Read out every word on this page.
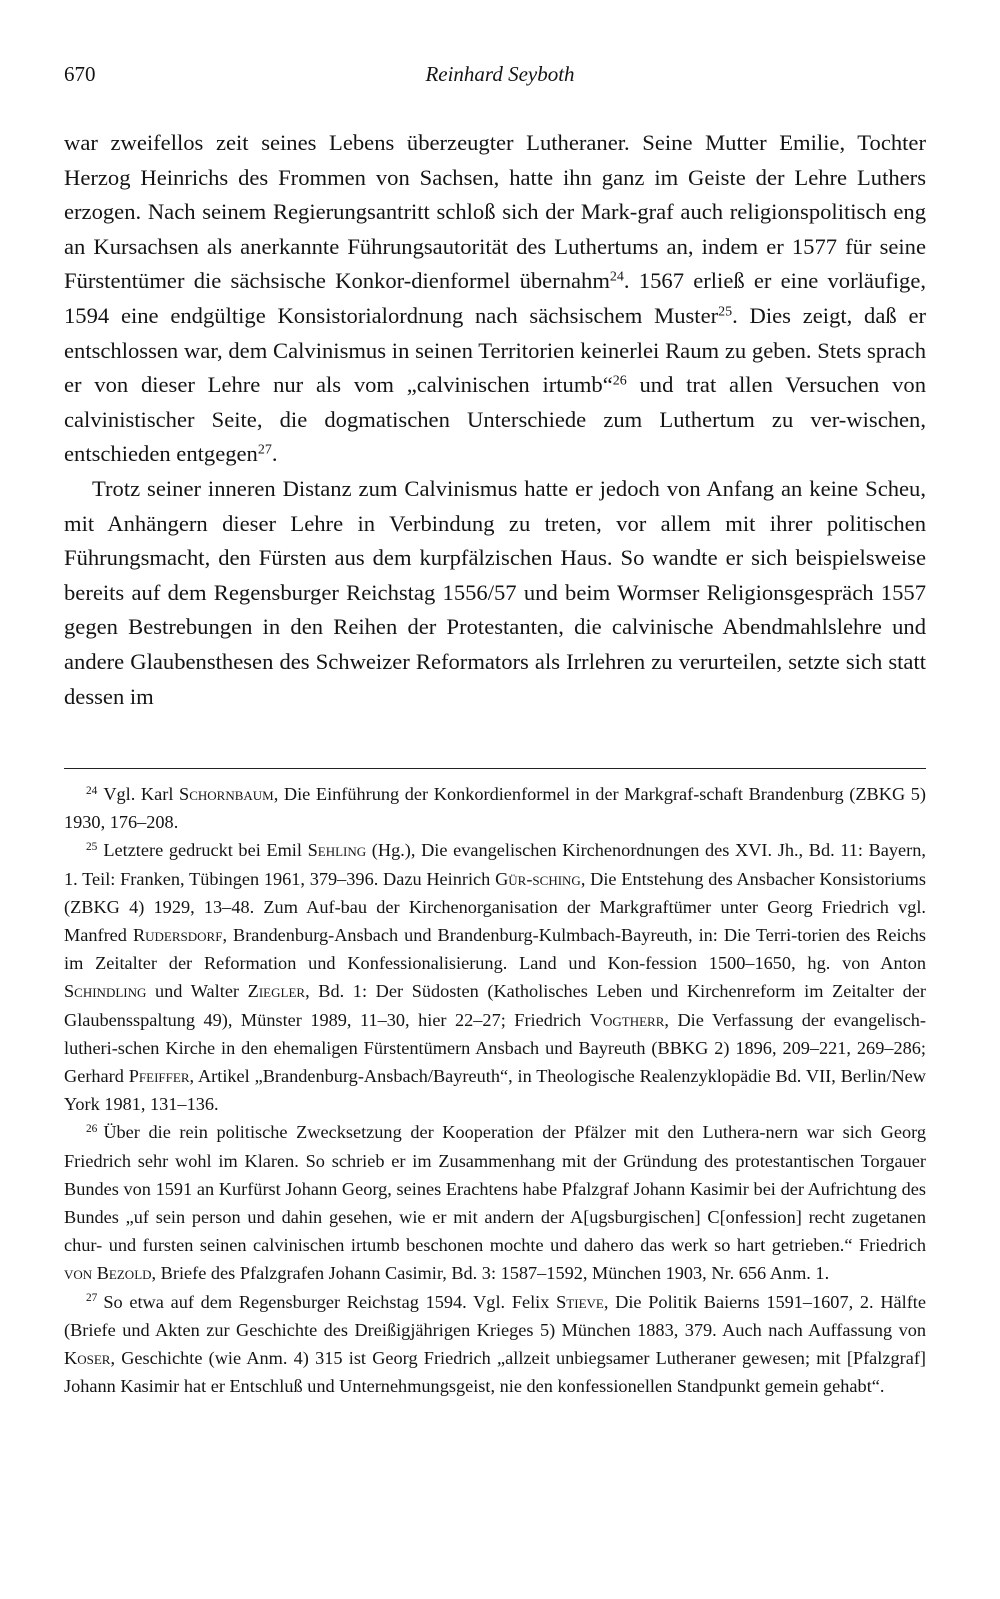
670	Reinhard Seyboth

war zweifellos zeit seines Lebens überzeugter Lutheraner. Seine Mutter Emilie, Tochter Herzog Heinrichs des Frommen von Sachsen, hatte ihn ganz im Geiste der Lehre Luthers erzogen. Nach seinem Regierungsantritt schloß sich der Mark-graf auch religionspolitisch eng an Kursachsen als anerkannte Führungsautorität des Luthertums an, indem er 1577 für seine Fürstentümer die sächsische Konkor-dienformel übernahm$^{24}$. 1567 erließ er eine vorläufige, 1594 eine endgültige Konsistorialordnung nach sächsischem Muster$^{25}$. Dies zeigt, daß er entschlossen war, dem Calvinismus in seinen Territorien keinerlei Raum zu geben. Stets sprach er von dieser Lehre nur als vom „calvinischen irtumb“$^{26}$ und trat allen Versuchen von calvinistischer Seite, die dogmatischen Unterschiede zum Luthertum zu ver-wischen, entschieden entgegen$^{27}$.

Trotz seiner inneren Distanz zum Calvinismus hatte er jedoch von Anfang an keine Scheu, mit Anhängern dieser Lehre in Verbindung zu treten, vor allem mit ihrer politischen Führungsmacht, den Fürsten aus dem kurpfälzischen Haus. So wandte er sich beispielsweise bereits auf dem Regensburger Reichstag 1556/57 und beim Wormser Religionsgespräch 1557 gegen Bestrebungen in den Reihen der Protestanten, die calvinische Abendmahlslehre und andere Glaubensthesen des Schweizer Reformators als Irrlehren zu verurteilen, setzte sich statt dessen im

$^{24}$ Vgl. Karl Schornbaum, Die Einführung der Konkordienformel in der Markgraf-schaft Brandenburg (ZBKG 5) 1930, 176–208.

$^{25}$ Letztere gedruckt bei Emil Sehling (Hg.), Die evangelischen Kirchenordnungen des XVI. Jh., Bd. 11: Bayern, 1. Teil: Franken, Tübingen 1961, 379–396. Dazu Heinrich Gür-sching, Die Entstehung des Ansbacher Konsistoriums (ZBKG 4) 1929, 13–48. Zum Auf-bau der Kirchenorganisation der Markgraftümer unter Georg Friedrich vgl. Manfred Rudersdorf, Brandenburg-Ansbach und Brandenburg-Kulmbach-Bayreuth, in: Die Terri-torien des Reichs im Zeitalter der Reformation und Konfessionalisierung. Land und Kon-fession 1500–1650, hg. von Anton Schindling und Walter Ziegler, Bd. 1: Der Südosten (Katholisches Leben und Kirchenreform im Zeitalter der Glaubensspaltung 49), Münster 1989, 11–30, hier 22–27; Friedrich Vogtherr, Die Verfassung der evangelisch-lutheri-schen Kirche in den ehemaligen Fürstentümern Ansbach und Bayreuth (BBKG 2) 1896, 209–221, 269–286; Gerhard Pfeiffer, Artikel „Brandenburg-Ansbach/Bayreuth“, in Theologische Realenzyklopädie Bd. VII, Berlin/New York 1981, 131–136.

$^{26}$ Über die rein politische Zwecksetzung der Kooperation der Pfälzer mit den Luthera-nern war sich Georg Friedrich sehr wohl im Klaren. So schrieb er im Zusammenhang mit der Gründung des protestantischen Torgauer Bundes von 1591 an Kurfürst Johann Georg, seines Erachtens habe Pfalzgraf Johann Kasimir bei der Aufrichtung des Bundes „uf sein person und dahin gesehen, wie er mit andern der A[ugsburgischen] C[onfession] recht zugetanen chur- und fursten seinen calvinischen irtumb beschonen mochte und dahero das werk so hart getrieben.“ Friedrich von Bezold, Briefe des Pfalzgrafen Johann Casimir, Bd. 3: 1587–1592, München 1903, Nr. 656 Anm. 1.

$^{27}$ So etwa auf dem Regensburger Reichstag 1594. Vgl. Felix Stieve, Die Politik Baierns 1591–1607, 2. Hälfte (Briefe und Akten zur Geschichte des Dreißigjährigen Krieges 5) München 1883, 379. Auch nach Auffassung von Koser, Geschichte (wie Anm. 4) 315 ist Georg Friedrich „allzeit unbiegsamer Lutheraner gewesen; mit [Pfalzgraf] Johann Kasimir hat er Entschluß und Unternehmungsgeist, nie den konfessionellen Standpunkt gemein gehabt“.
